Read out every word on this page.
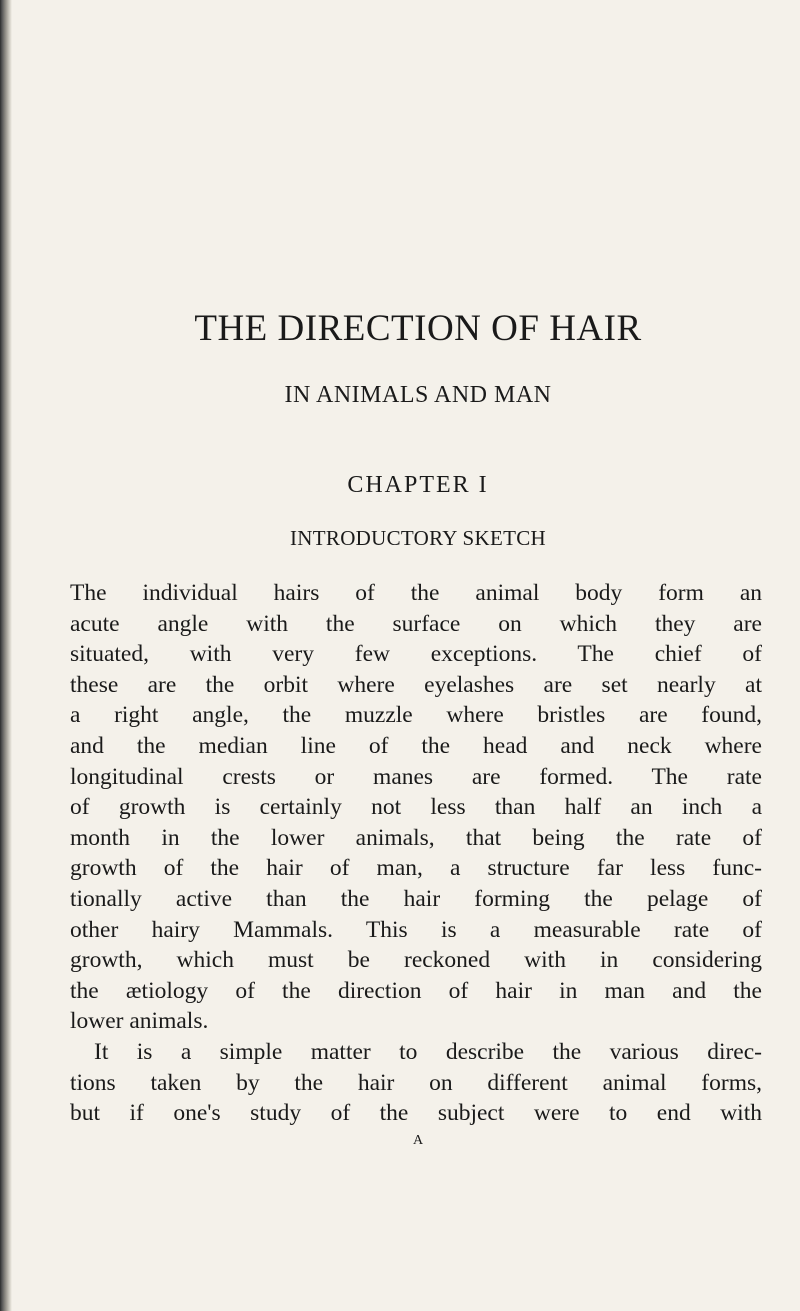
THE DIRECTION OF HAIR
IN ANIMALS AND MAN
CHAPTER I
INTRODUCTORY SKETCH
The individual hairs of the animal body form an
acute angle with the surface on which they are
situated, with very few exceptions. The chief of
these are the orbit where eyelashes are set nearly at
a right angle, the muzzle where bristles are found,
and the median line of the head and neck where
longitudinal crests or manes are formed. The rate
of growth is certainly not less than half an inch a
month in the lower animals, that being the rate of
growth of the hair of man, a structure far less func-
tionally active than the hair forming the pelage of
other hairy Mammals. This is a measurable rate of
growth, which must be reckoned with in considering
the ætiology of the direction of hair in man and the
lower animals.
It is a simple matter to describe the various direc-
tions taken by the hair on different animal forms,
but if one's study of the subject were to end with
A
